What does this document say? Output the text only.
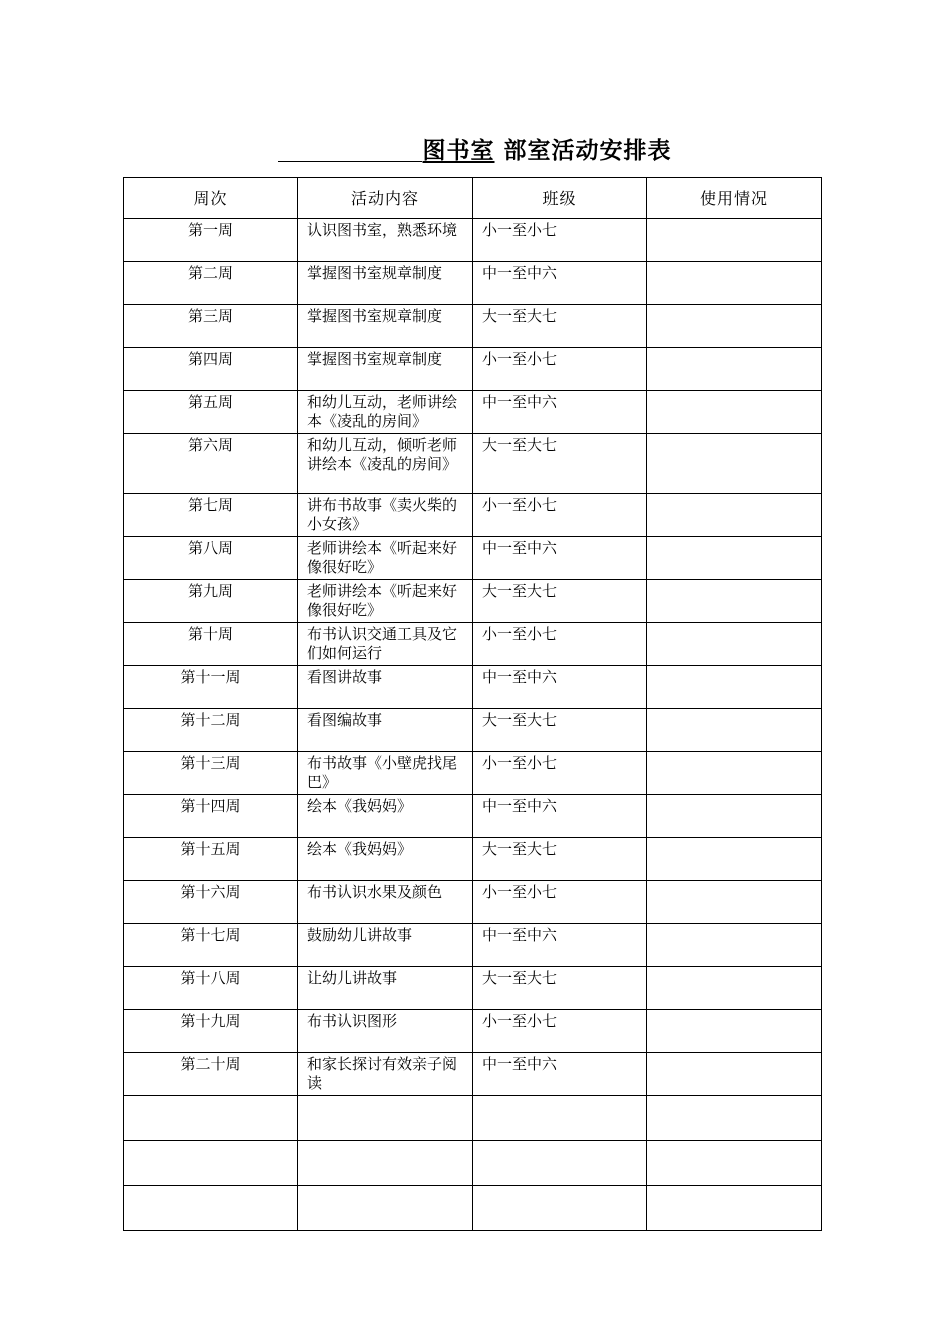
图书室 部室活动安排表
周次	活动内容	班级	使用情况
第一周	认识图书室，熟悉环境	小一至小七	
第二周	掌握图书室规章制度	中一至中六	
第三周	掌握图书室规章制度	大一至大七	
第四周	掌握图书室规章制度	小一至小七	
第五周	和幼儿互动，老师讲绘本《凌乱的房间》	中一至中六	
第六周	和幼儿互动，倾听老师讲绘本《凌乱的房间》	大一至大七	
第七周	讲布书故事《卖火柴的小女孩》	小一至小七	
第八周	老师讲绘本《听起来好像很好吃》	中一至中六	
第九周	老师讲绘本《听起来好像很好吃》	大一至大七	
第十周	布书认识交通工具及它们如何运行	小一至小七	
第十一周	看图讲故事	中一至中六	
第十二周	看图编故事	大一至大七	
第十三周	布书故事《小壁虎找尾巴》	小一至小七	
第十四周	绘本《我妈妈》	中一至中六	
第十五周	绘本《我妈妈》	大一至大七	
第十六周	布书认识水果及颜色	小一至小七	
第十七周	鼓励幼儿讲故事	中一至中六	
第十八周	让幼儿讲故事	大一至大七	
第十九周	布书认识图形	小一至小七	
第二十周	和家长探讨有效亲子阅读	中一至中六	
